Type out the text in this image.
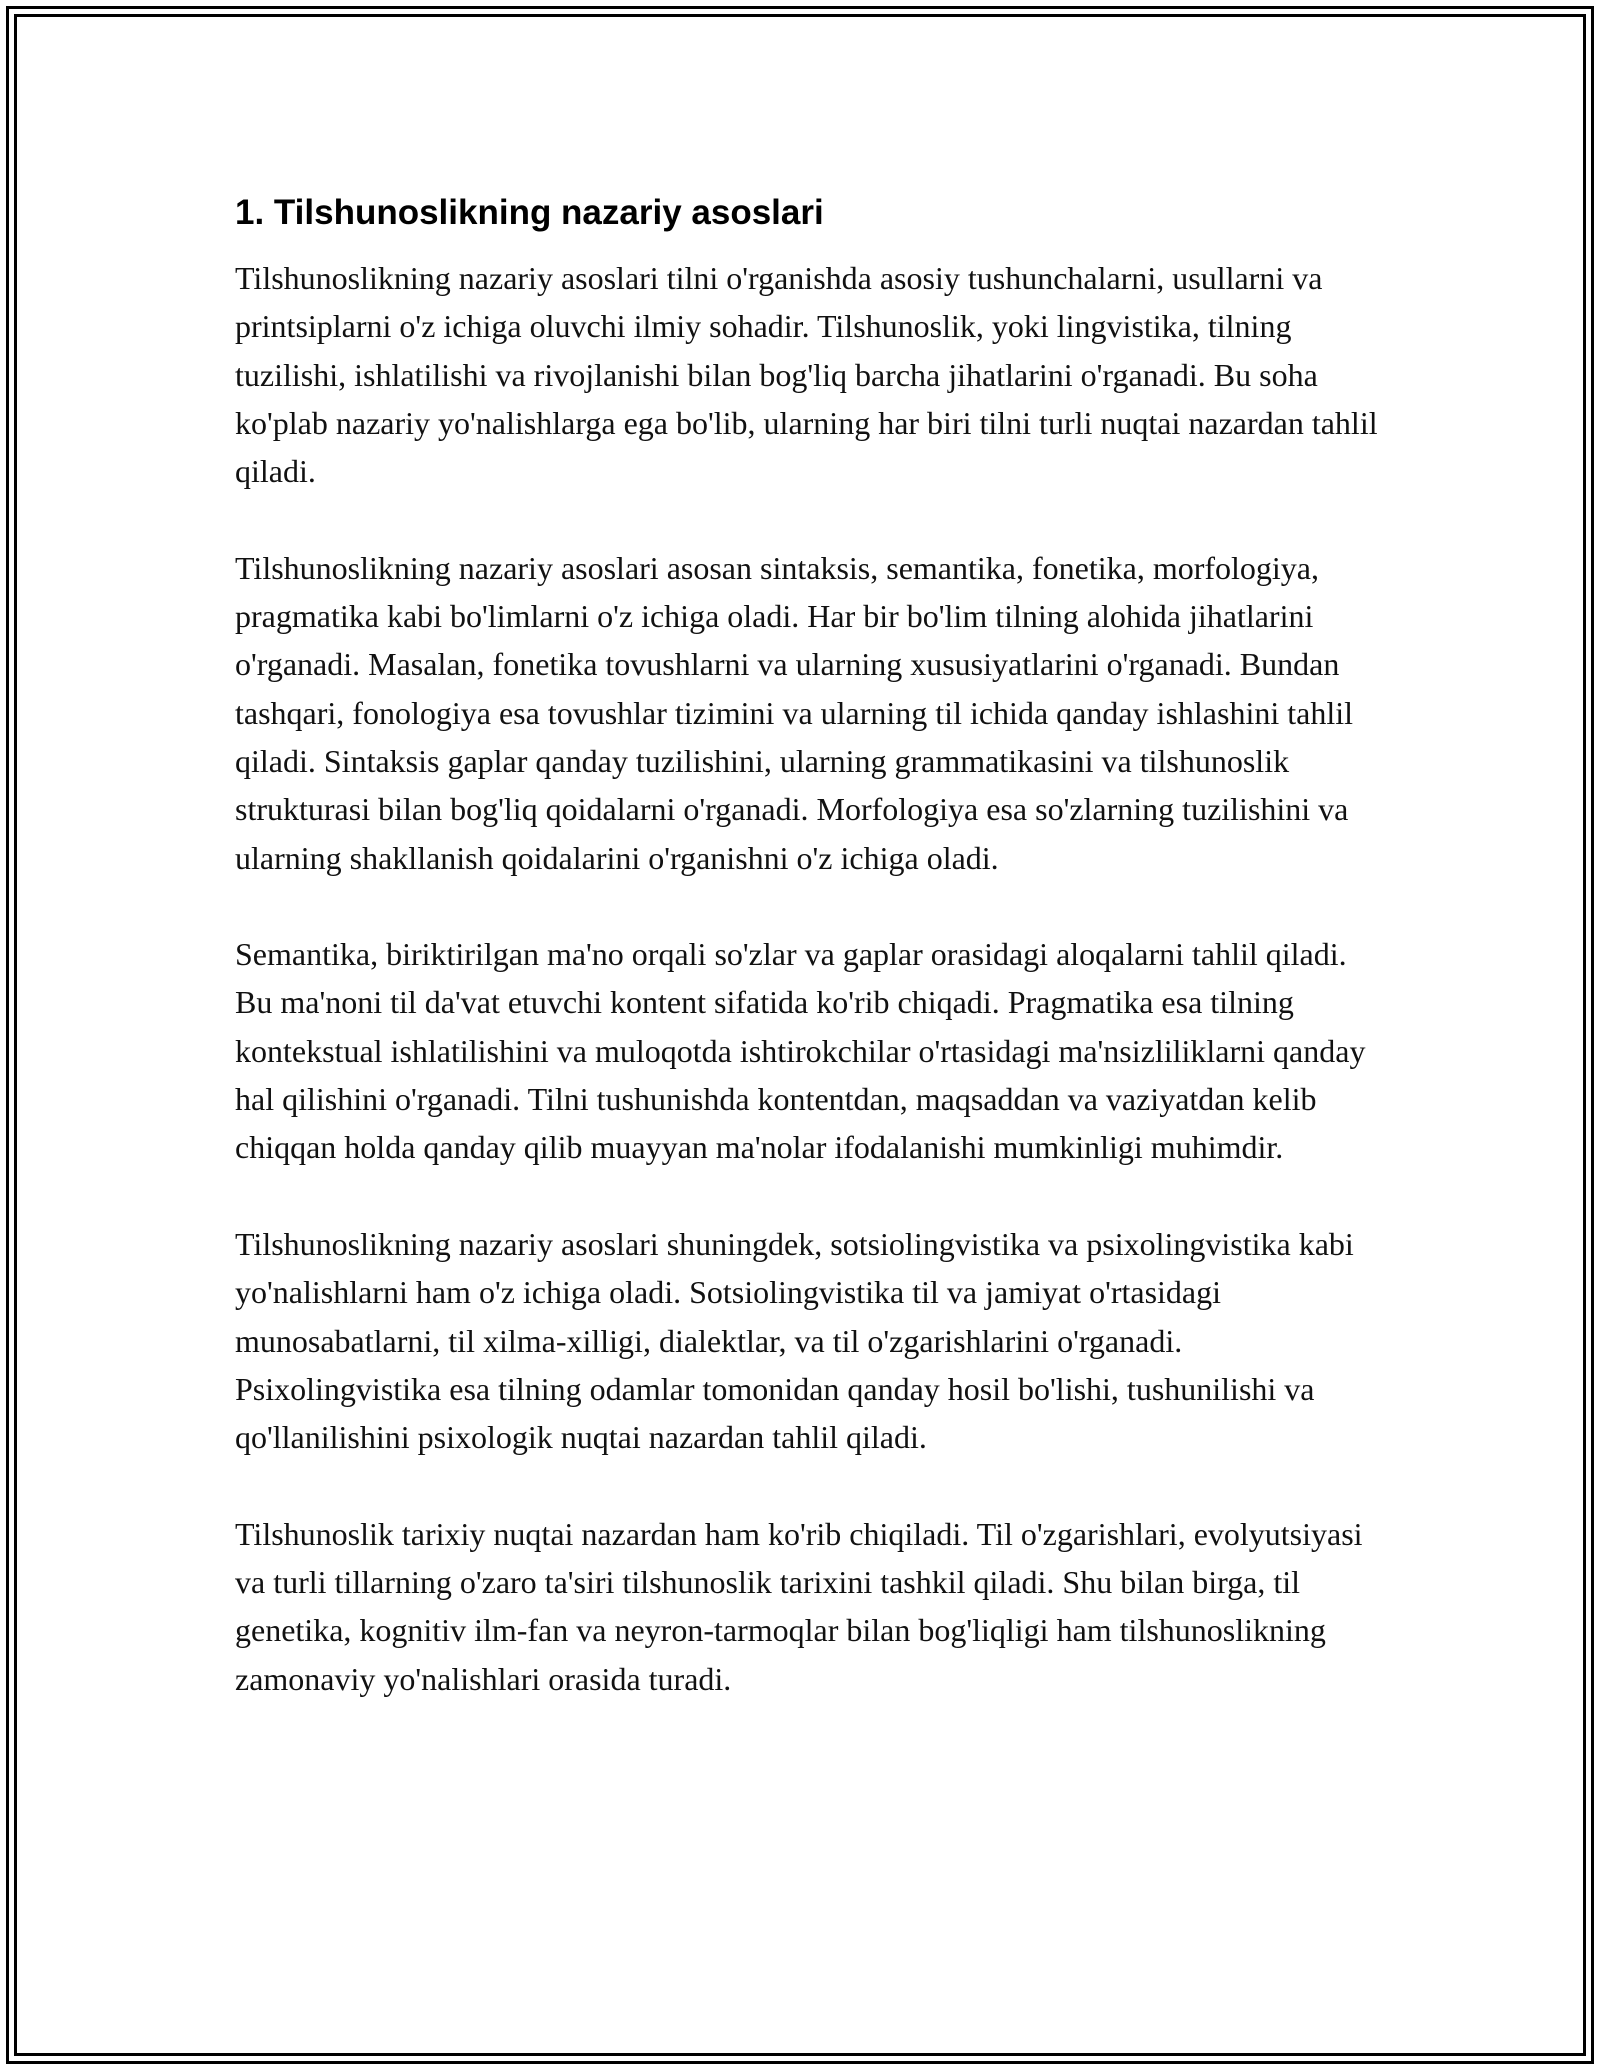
1. Tilshunoslikning nazariy asoslari

Tilshunoslikning nazariy asoslari tilni o'rganishda asosiy tushunchalarni, usullarni va printsiplarni o'z ichiga oluvchi ilmiy sohadir. Tilshunoslik, yoki lingvistika, tilning tuzilishi, ishlatilishi va rivojlanishi bilan bog'liq barcha jihatlarini o'rganadi. Bu soha ko'plab nazariy yo'nalishlarga ega bo'lib, ularning har biri tilni turli nuqtai nazardan tahlil qiladi.

Tilshunoslikning nazariy asoslari asosan sintaksis, semantika, fonetika, morfologiya, pragmatika kabi bo'limlarni o'z ichiga oladi. Har bir bo'lim tilning alohida jihatlarini o'rganadi. Masalan, fonetika tovushlarni va ularning xususiyatlarini o'rganadi. Bundan tashqari, fonologiya esa tovushlar tizimini va ularning til ichida qanday ishlashini tahlil qiladi. Sintaksis gaplar qanday tuzilishini, ularning grammatikasini va tilshunoslik strukturasi bilan bog'liq qoidalarni o'rganadi. Morfologiya esa so'zlarning tuzilishini va ularning shakllanish qoidalarini o'rganishni o'z ichiga oladi.

Semantika, biriktirilgan ma'no orqali so'zlar va gaplar orasidagi aloqalarni tahlil qiladi. Bu ma'noni til da'vat etuvchi kontent sifatida ko'rib chiqadi. Pragmatika esa tilning kontekstual ishlatilishini va muloqotda ishtirokchilar o'rtasidagi ma'nsizliliklarni qanday hal qilishini o'rganadi. Tilni tushunishda kontentdan, maqsaddan va vaziyatdan kelib chiqqan holda qanday qilib muayyan ma'nolar ifodalanishi mumkinligi muhimdir.

Tilshunoslikning nazariy asoslari shuningdek, sotsiolingvistika va psixolingvistika kabi yo'nalishlarni ham o'z ichiga oladi. Sotsiolingvistika til va jamiyat o'rtasidagi munosabatlarni, til xilma-xilligi, dialektlar, va til o'zgarishlarini o'rganadi. Psixolingvistika esa tilning odamlar tomonidan qanday hosil bo'lishi, tushunilishi va qo'llanilishini psixologik nuqtai nazardan tahlil qiladi.

Tilshunoslik tarixiy nuqtai nazardan ham ko'rib chiqiladi. Til o'zgarishlari, evolyutsiyasi va turli tillarning o'zaro ta'siri tilshunoslik tarixini tashkil qiladi. Shu bilan birga, til genetika, kognitiv ilm-fan va neyron-tarmoqlar bilan bog'liqligi ham tilshunoslikning zamonaviy yo'nalishlari orasida turadi.
